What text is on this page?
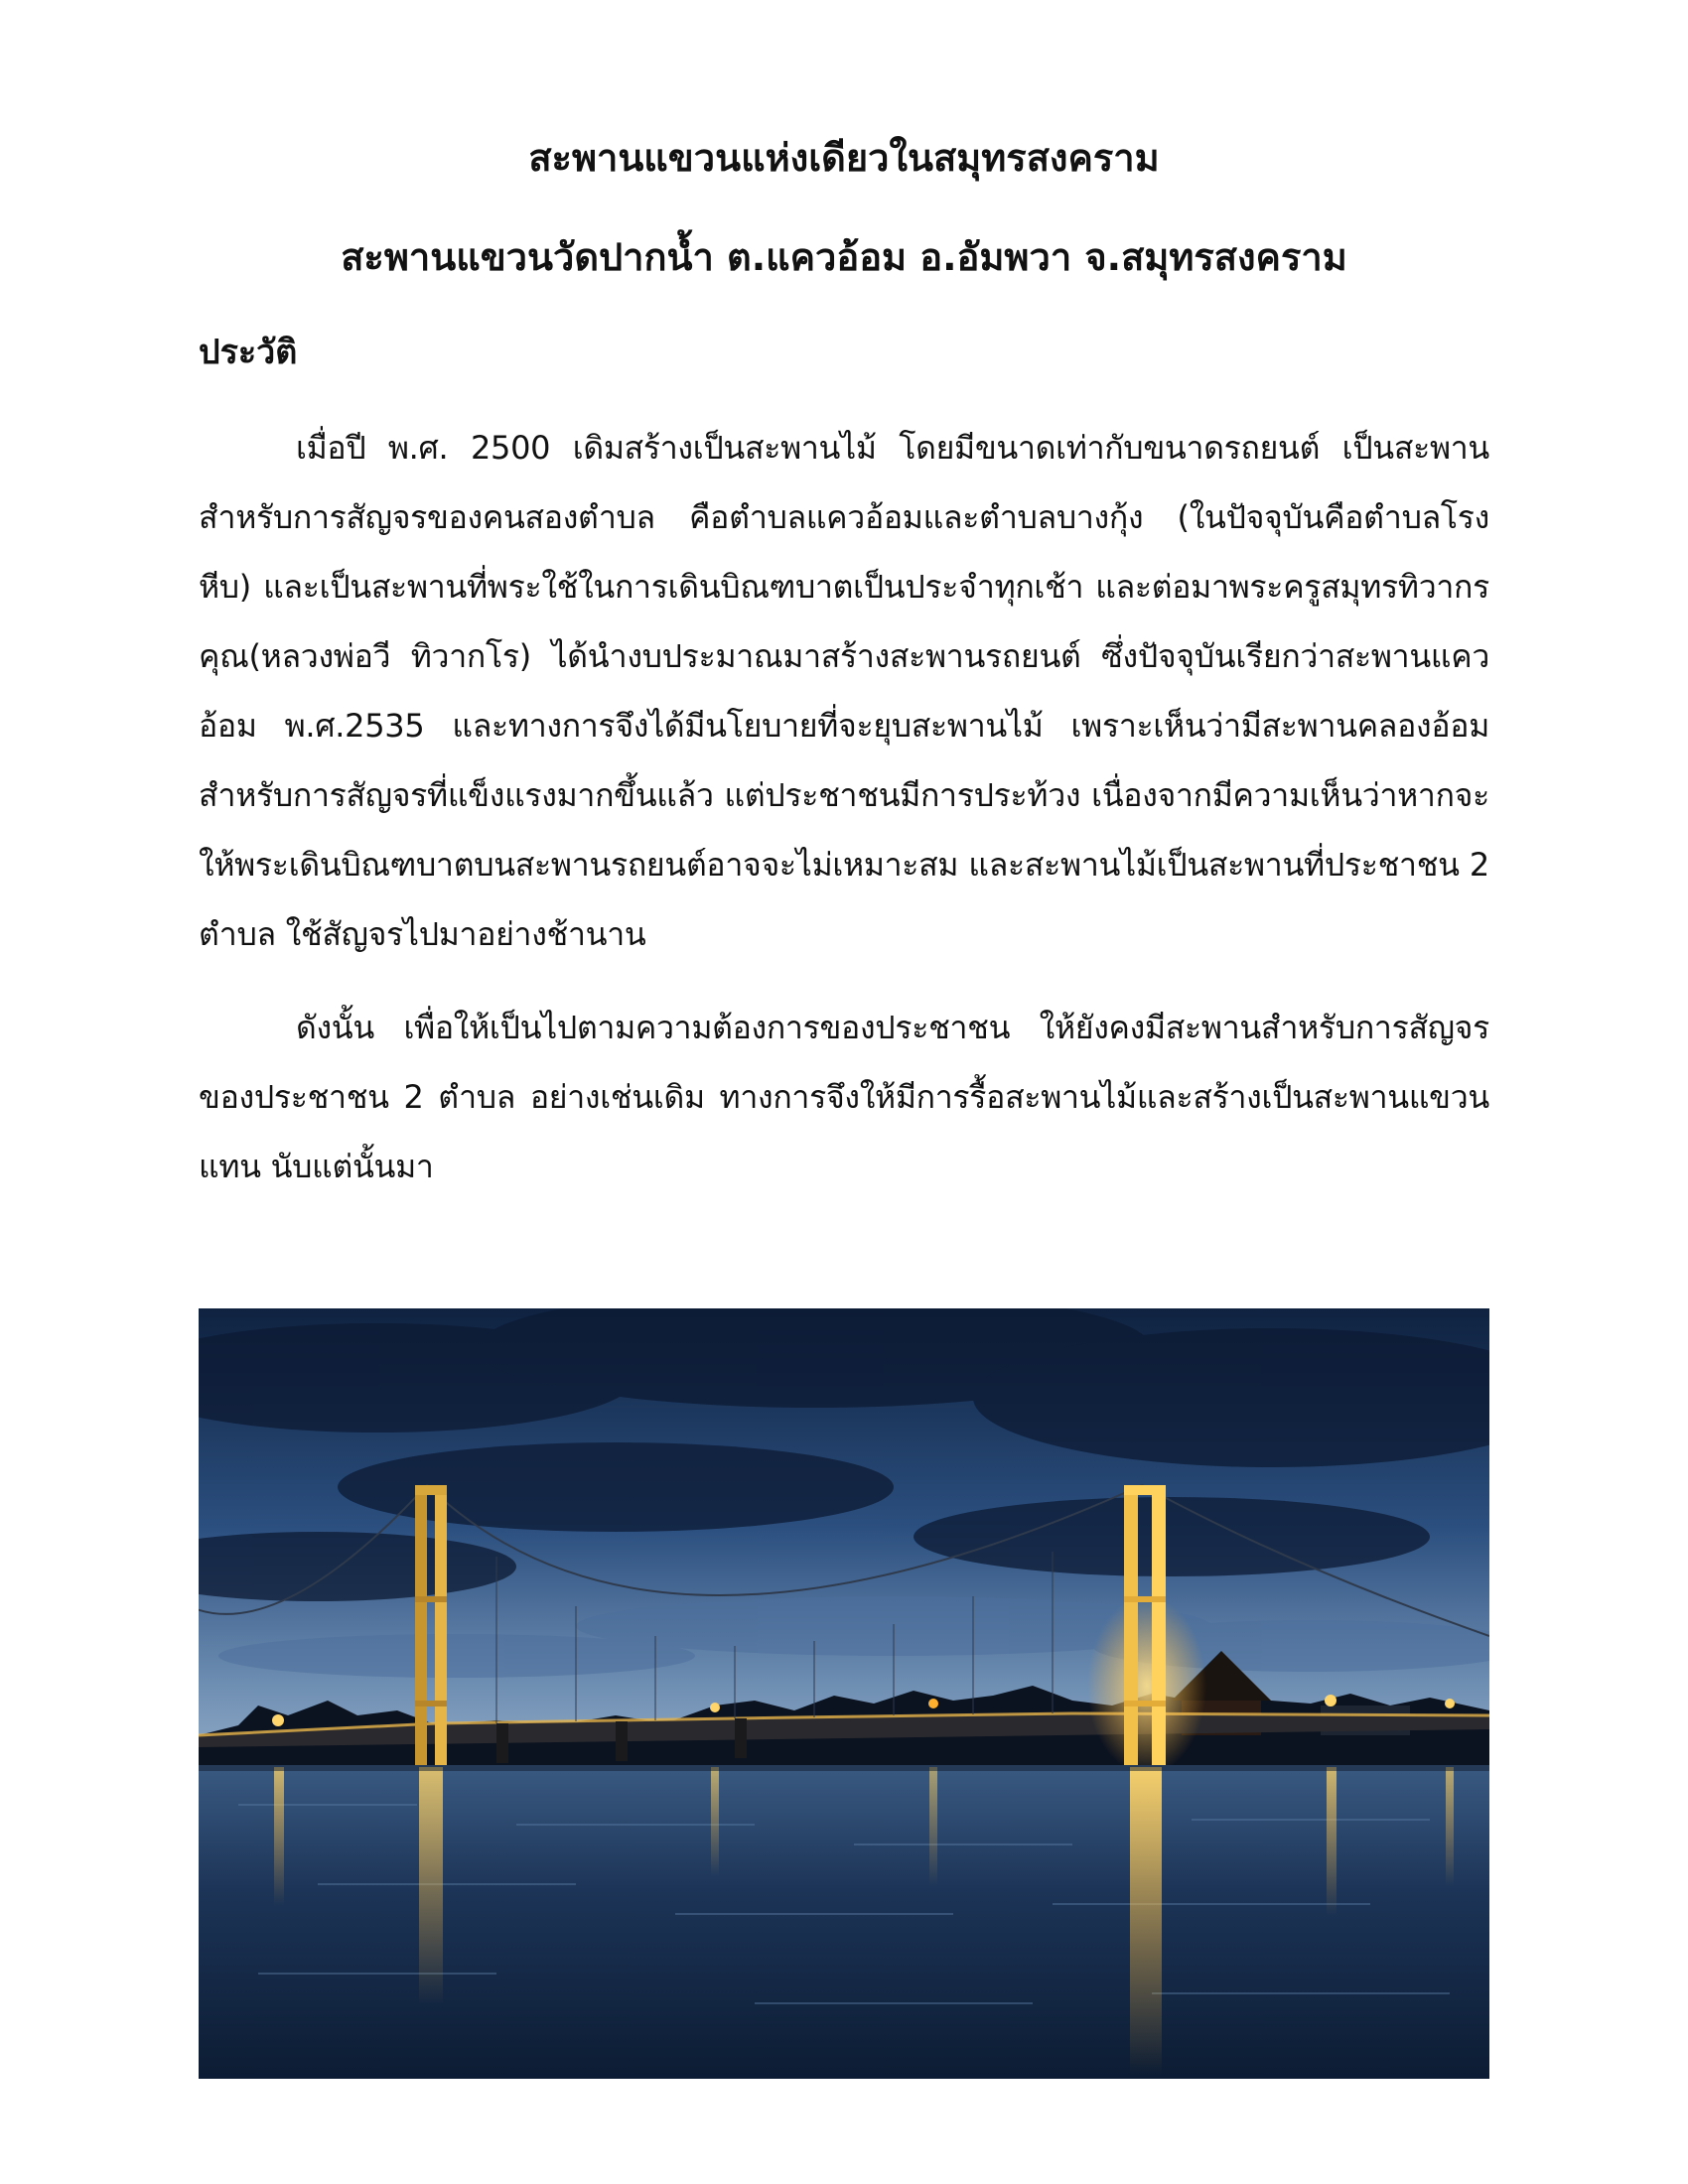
สะพานแขวนแห่งเดียวในสมุทรสงคราม
สะพานแขวนวัดปากน้ำ ต.แควอ้อม อ.อัมพวา จ.สมุทรสงคราม
ประวัติ

เมื่อปี พ.ศ. 2500 เดิมสร้างเป็นสะพานไม้ โดยมีขนาดเท่ากับขนาดรถยนต์ เป็นสะพานสำหรับการสัญจรของคนสองตำบล คือตำบลแควอ้อมและตำบลบางกุ้ง (ในปัจจุบันคือตำบลโรงหีบ) และเป็นสะพานที่พระใช้ในการเดินบิณฑบาตเป็นประจำทุกเช้า และต่อมาพระครูสมุทรทิวากรคุณ(หลวงพ่อวี ทิวากโร) ได้นำงบประมาณมาสร้างสะพานรถยนต์ ซึ่งปัจจุบันเรียกว่าสะพานแควอ้อม พ.ศ.2535 และทางการจึงได้มีนโยบายที่จะยุบสะพานไม้ เพราะเห็นว่ามีสะพานคลองอ้อมสำหรับการสัญจรที่แข็งแรงมากขึ้นแล้ว แต่ประชาชนมีการประท้วง เนื่องจากมีความเห็นว่าหากจะให้พระเดินบิณฑบาตบนสะพานรถยนต์อาจจะไม่เหมาะสม และสะพานไม้เป็นสะพานที่ประชาชน 2 ตำบล ใช้สัญจรไปมาอย่างช้านาน

ดังนั้น เพื่อให้เป็นไปตามความต้องการของประชาชน ให้ยังคงมีสะพานสำหรับการสัญจรของประชาชน 2 ตำบล อย่างเช่นเดิม ทางการจึงให้มีการรื้อสะพานไม้และสร้างเป็นสะพานแขวนแทน นับแต่นั้นมา
